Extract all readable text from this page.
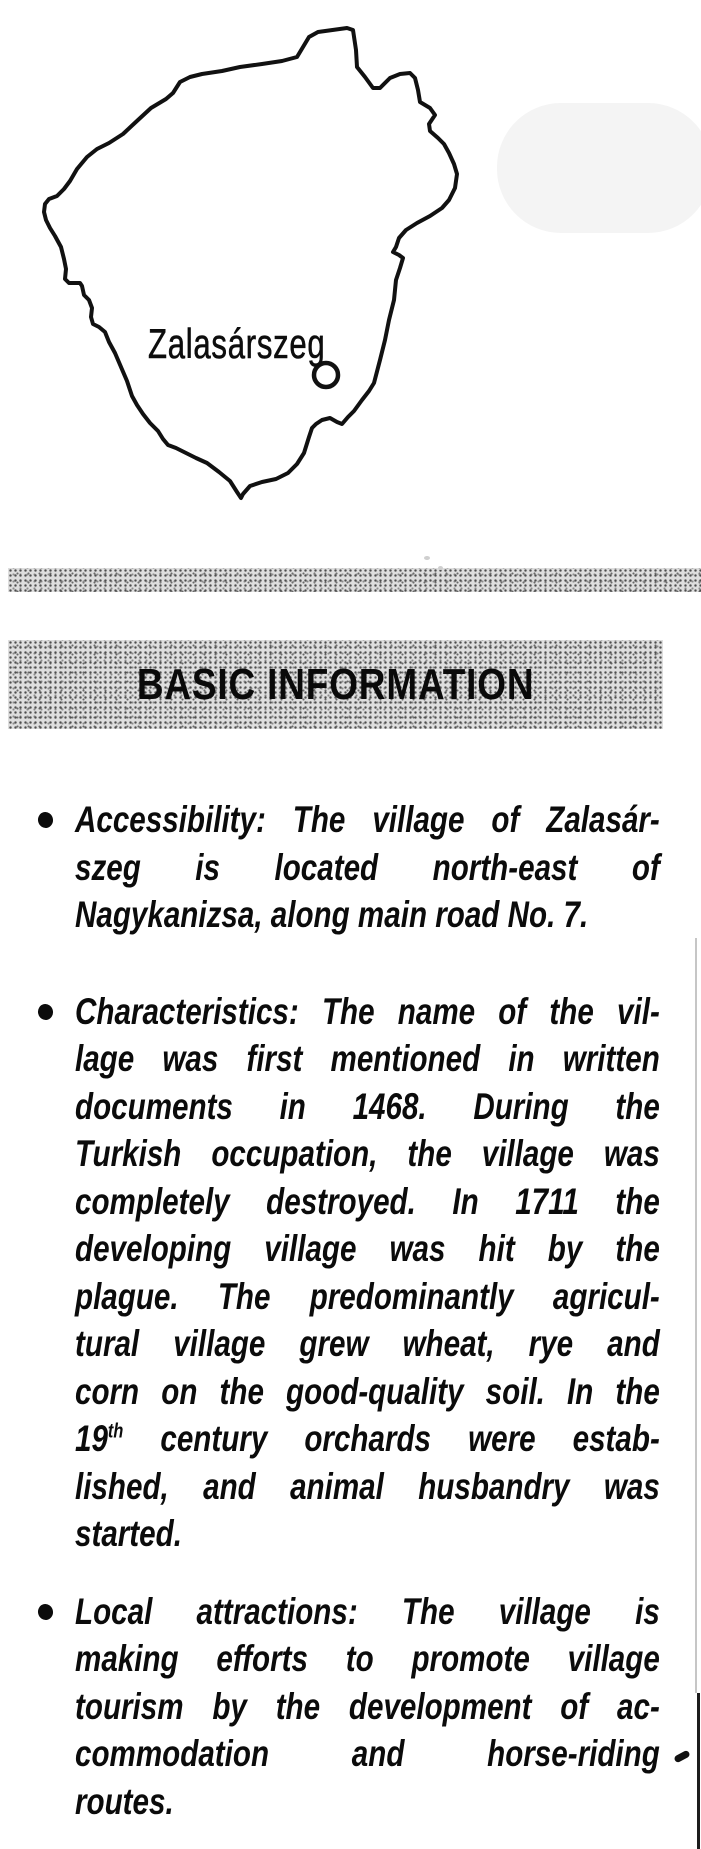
Zalasárszeg
BASIC INFORMATION
Accessibility: The village of Zalasár-
szeg is located north-east of
Nagykanizsa, along main road No. 7.
Characteristics: The name of the vil-
lage was first mentioned in written
documents in 1468. During the
Turkish occupation, the village was
completely destroyed. In 1711 the
developing village was hit by the
plague. The predominantly agricul-
tural village grew wheat, rye and
corn on the good-quality soil. In the
19th century orchards were estab-
lished, and animal husbandry was
started.
Local attractions: The village is
making efforts to promote village
tourism by the development of ac-
commodation and horse-riding
routes.
